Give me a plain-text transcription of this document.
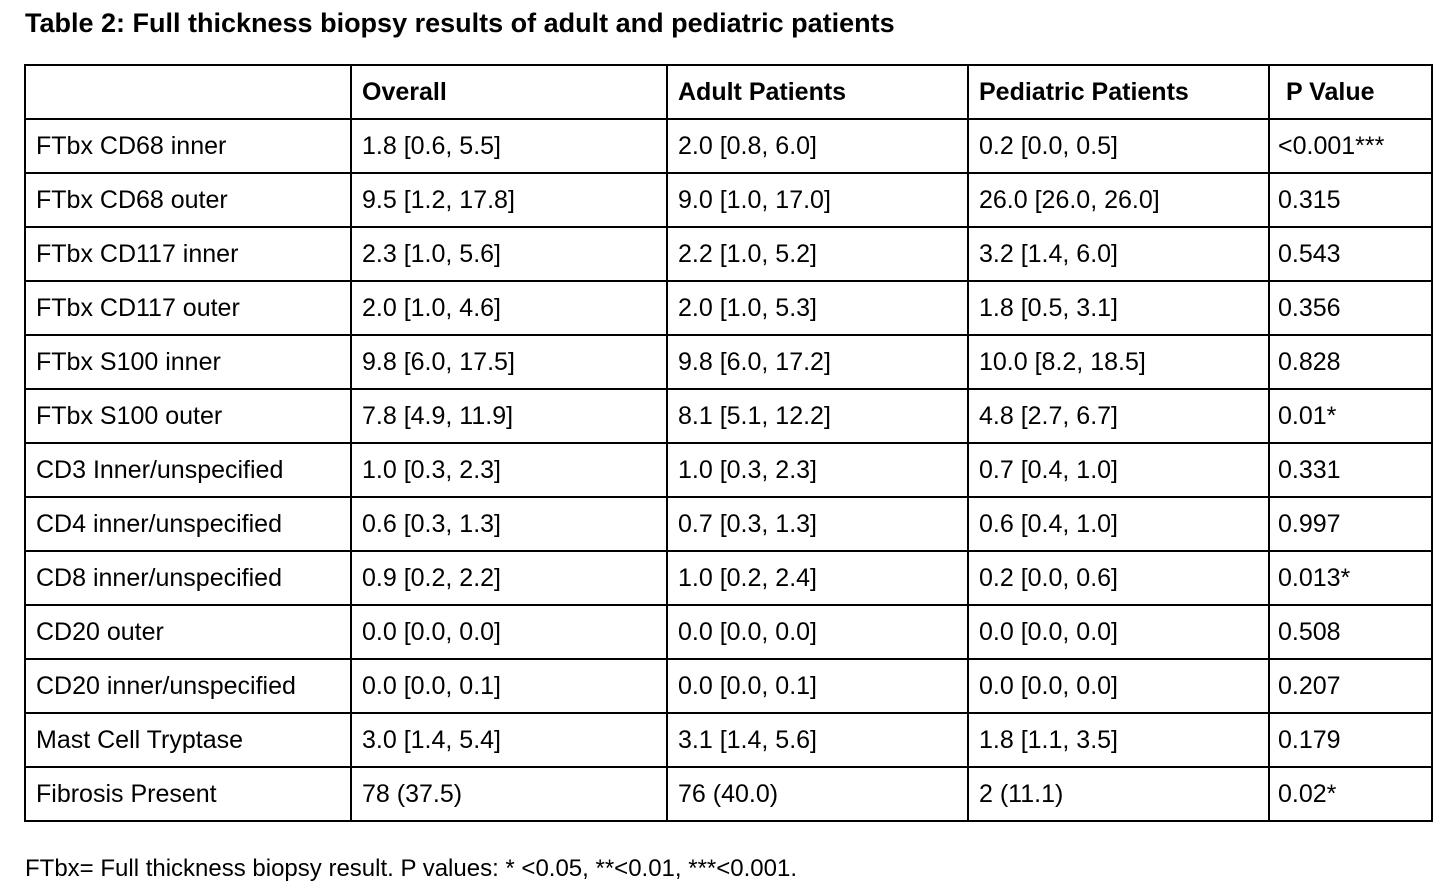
Table 2: Full thickness biopsy results of adult and pediatric patients
	Overall	Adult Patients	Pediatric Patients	P Value
FTbx CD68 inner	1.8 [0.6, 5.5]	2.0 [0.8, 6.0]	0.2 [0.0, 0.5]	<0.001***
FTbx CD68 outer	9.5 [1.2, 17.8]	9.0 [1.0, 17.0]	26.0 [26.0, 26.0]	0.315
FTbx CD117 inner	2.3 [1.0, 5.6]	2.2 [1.0, 5.2]	3.2 [1.4, 6.0]	0.543
FTbx CD117 outer	2.0 [1.0, 4.6]	2.0 [1.0, 5.3]	1.8 [0.5, 3.1]	0.356
FTbx S100 inner	9.8 [6.0, 17.5]	9.8 [6.0, 17.2]	10.0 [8.2, 18.5]	0.828
FTbx S100 outer	7.8 [4.9, 11.9]	8.1 [5.1, 12.2]	4.8 [2.7, 6.7]	0.01*
CD3 Inner/unspecified	1.0 [0.3, 2.3]	1.0 [0.3, 2.3]	0.7 [0.4, 1.0]	0.331
CD4 inner/unspecified	0.6 [0.3, 1.3]	0.7 [0.3, 1.3]	0.6 [0.4, 1.0]	0.997
CD8 inner/unspecified	0.9 [0.2, 2.2]	1.0 [0.2, 2.4]	0.2 [0.0, 0.6]	0.013*
CD20 outer	0.0 [0.0, 0.0]	0.0 [0.0, 0.0]	0.0 [0.0, 0.0]	0.508
CD20 inner/unspecified	0.0 [0.0, 0.1]	0.0 [0.0, 0.1]	0.0 [0.0, 0.0]	0.207
Mast Cell Tryptase	3.0 [1.4, 5.4]	3.1 [1.4, 5.6]	1.8 [1.1, 3.5]	0.179
Fibrosis Present	78 (37.5)	76 (40.0)	2 (11.1)	0.02*
FTbx= Full thickness biopsy result. P values: * <0.05, **<0.01, ***<0.001.
